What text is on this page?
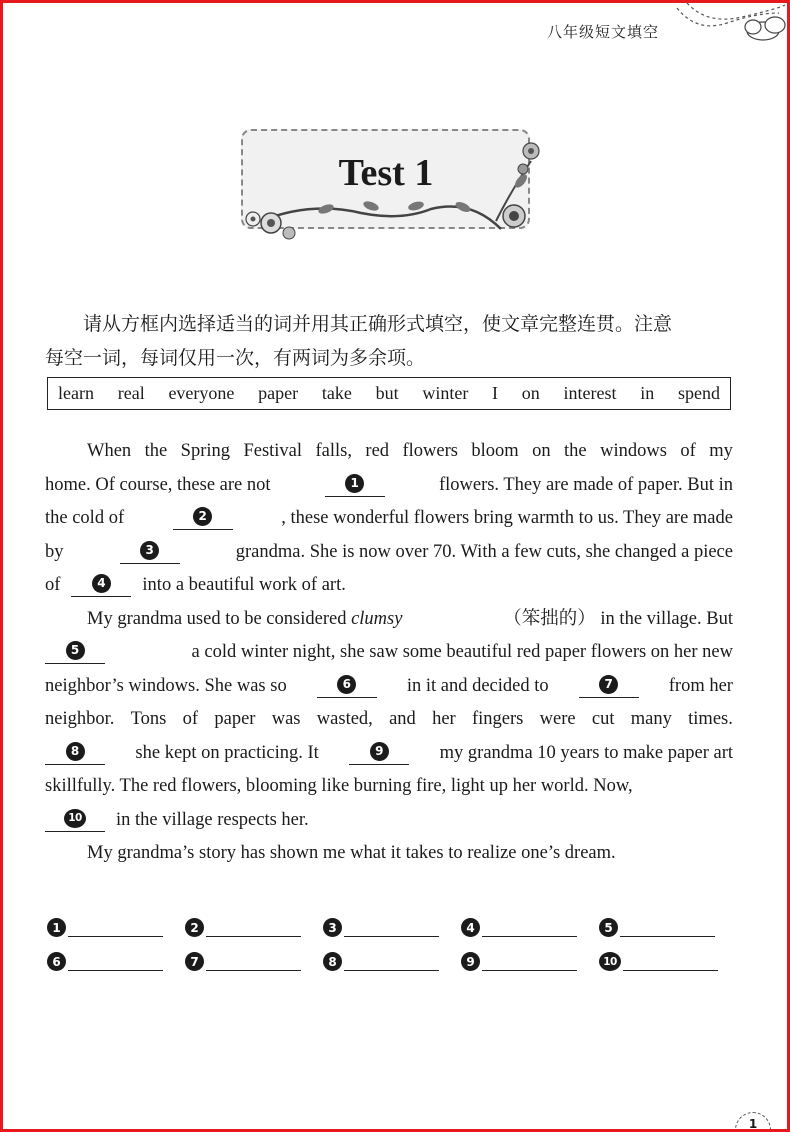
八年级短文填空
Test 1
请从方框内选择适当的词并用其正确形式填空，使文章完整连贯。注意
每空一词，每词仅用一次，有两词为多余项。
learn real everyone paper take but winter I on interest in spend
When the Spring Festival falls, red flowers bloom on the windows of my
home. Of course, these are not	1	flowers. They are made of paper. But in
the cold of	2	, these wonderful flowers bring warmth to us. They are made
by	3	grandma. She is now over 70. With a few cuts, she changed a piece
of	4 into a beautiful work of art.
My grandma used to be considered clumsy	（笨拙的） in the village. But
5	a cold winter night, she saw some beautiful red paper flowers on her new
neighbor’s windows. She was so	6	in it and decided to	7	from her
neighbor. Tons of paper was wasted, and her fingers were cut many times.
8	she kept on practicing. It	9	my grandma 10 years to make paper art
skillfully. The red flowers, blooming like burning fire, light up her world. Now,
10 in the village respects her.
My grandma’s story has shown me what it takes to realize one’s dream.
1	2	3	4	5
6	7	8	9	10
1
